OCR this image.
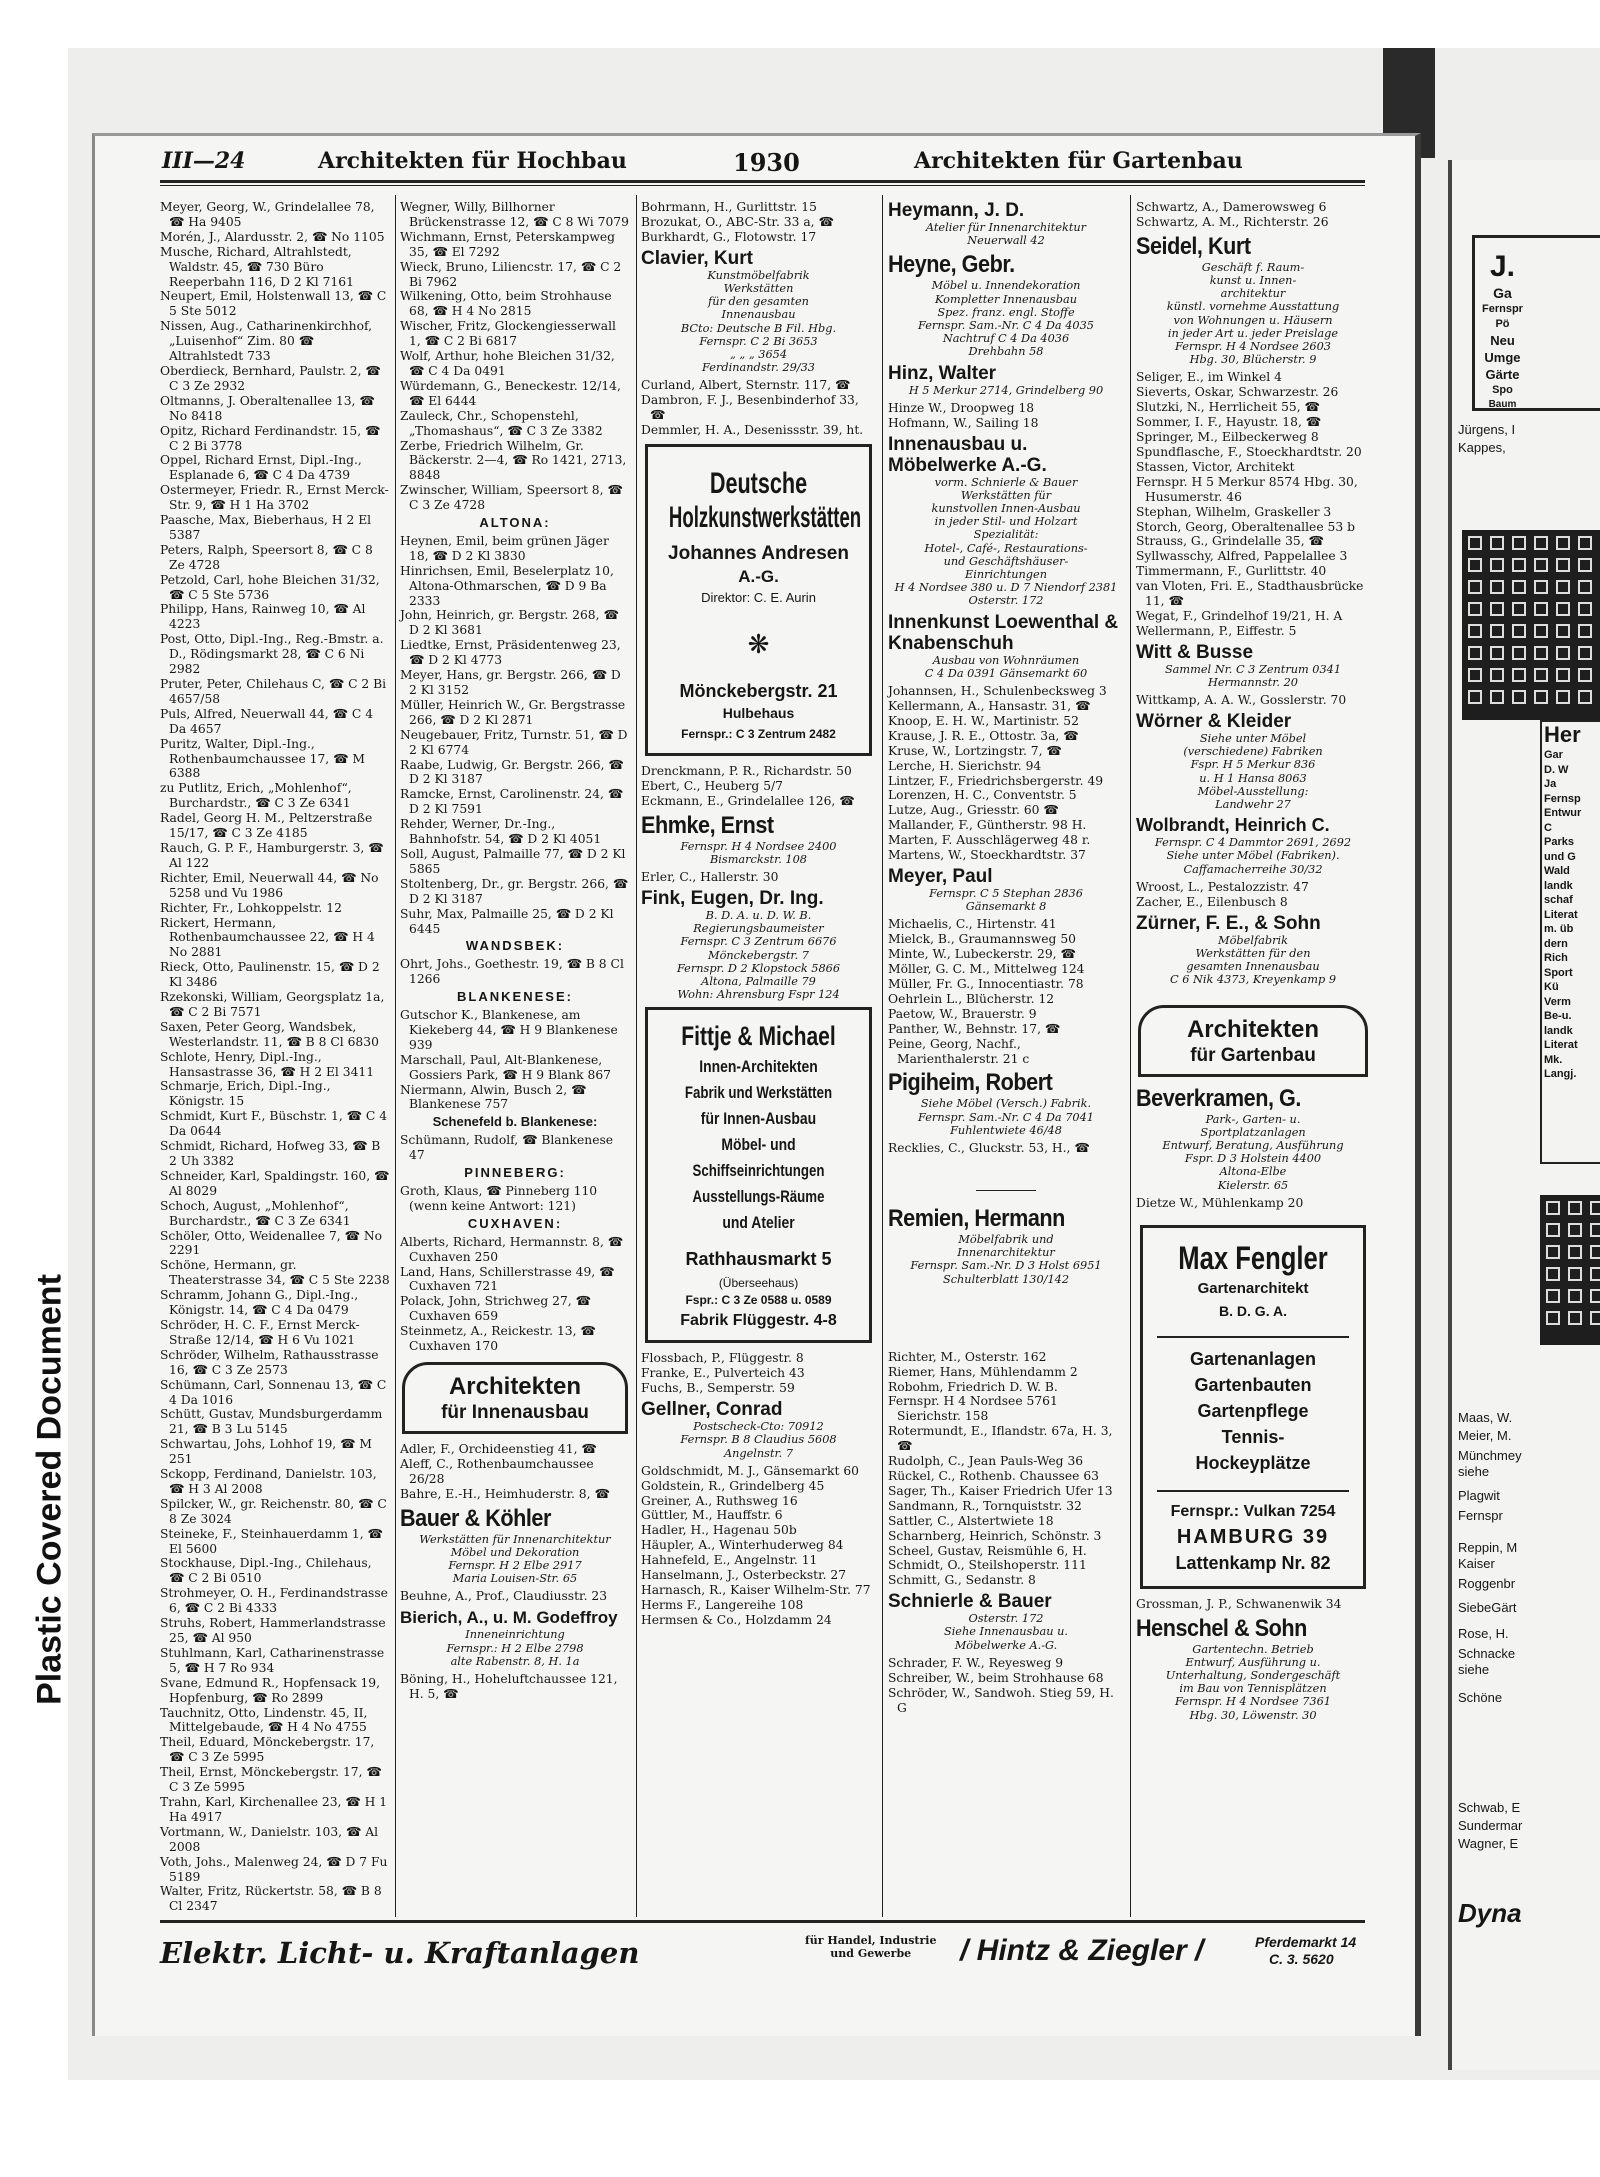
Plastic Covered Document
III—24	Architekten für Hochbau	1930	Architekten für Gartenbau

Meyer, Georg, W., Grindelallee 78, ☎ Ha 9405

Morén, J., Alardusstr. 2, ☎ No 1105

Musche, Richard, Altrahlstedt, Waldstr. 45, ☎ 730 Büro Reeperbahn 116, D 2 Kl 7161

Neupert, Emil, Holstenwall 13, ☎ C 5 Ste 5012

Nissen, Aug., Catharinenkirchhof, „Luisenhof“ Zim. 80 ☎ Altrahlstedt 733

Oberdieck, Bernhard, Paulstr. 2, ☎ C 3 Ze 2932

Oltmanns, J. Oberaltenallee 13, ☎ No 8418

Opitz, Richard Ferdinandstr. 15, ☎ C 2 Bi 3778

Oppel, Richard Ernst, Dipl.-Ing., Esplanade 6, ☎ C 4 Da 4739

Ostermeyer, Friedr. R., Ernst Merck-Str. 9, ☎ H 1 Ha 3702

Paasche, Max, Bieberhaus, H 2 El 5387

Peters, Ralph, Speersort 8, ☎ C 8 Ze 4728

Petzold, Carl, hohe Bleichen 31/32, ☎ C 5 Ste 5736

Philipp, Hans, Rainweg 10, ☎ Al 4223

Post, Otto, Dipl.-Ing., Reg.-Bmstr. a. D., Rödingsmarkt 28, ☎ C 6 Ni 2982

Pruter, Peter, Chilehaus C, ☎ C 2 Bi 4657/58

Puls, Alfred, Neuerwall 44, ☎ C 4 Da 4657

Puritz, Walter, Dipl.-Ing., Rothenbaumchaussee 17, ☎ M 6388

zu Putlitz, Erich, „Mohlenhof“, Burchardstr., ☎ C 3 Ze 6341

Radel, Georg H. M., Peltzerstraße 15/17, ☎ C 3 Ze 4185

Rauch, G. P. F., Hamburgerstr. 3, ☎ Al 122

Richter, Emil, Neuerwall 44, ☎ No 5258 und Vu 1986

Richter, Fr., Lohkoppelstr. 12

Rickert, Hermann, Rothenbaumchaussee 22, ☎ H 4 No 2881

Rieck, Otto, Paulinenstr. 15, ☎ D 2 Kl 3486

Rzekonski, William, Georgsplatz 1a, ☎ C 2 Bi 7571

Saxen, Peter Georg, Wandsbek, Westerlandstr. 11, ☎ B 8 Cl 6830

Schlote, Henry, Dipl.-Ing., Hansastrasse 36, ☎ H 2 El 3411

Schmarje, Erich, Dipl.-Ing., Königstr. 15

Schmidt, Kurt F., Büschstr. 1, ☎ C 4 Da 0644

Schmidt, Richard, Hofweg 33, ☎ B 2 Uh 3382

Schneider, Karl, Spaldingstr. 160, ☎ Al 8029

Schoch, August, „Mohlenhof“, Burchardstr., ☎ C 3 Ze 6341

Schöler, Otto, Weidenallee 7, ☎ No 2291

Schöne, Hermann, gr. Theaterstrasse 34, ☎ C 5 Ste 2238

Schramm, Johann G., Dipl.-Ing., Königstr. 14, ☎ C 4 Da 0479

Schröder, H. C. F., Ernst Merck-Straße 12/14, ☎ H 6 Vu 1021

Schröder, Wilhelm, Rathausstrasse 16, ☎ C 3 Ze 2573

Schümann, Carl, Sonnenau 13, ☎ C 4 Da 1016

Schütt, Gustav, Mundsburgerdamm 21, ☎ B 3 Lu 5145

Schwartau, Johs, Lohhof 19, ☎ M 251

Sckopp, Ferdinand, Danielstr. 103, ☎ H 3 Al 2008

Spilcker, W., gr. Reichenstr. 80, ☎ C 8 Ze 3024

Steineke, F., Steinhauerdamm 1, ☎ El 5600

Stockhause, Dipl.-Ing., Chilehaus, ☎ C 2 Bi 0510

Strohmeyer, O. H., Ferdinandstrasse 6, ☎ C 2 Bi 4333

Struhs, Robert, Hammerlandstrasse 25, ☎ Al 950

Stuhlmann, Karl, Catharinenstrasse 5, ☎ H 7 Ro 934

Svane, Edmund R., Hopfensack 19, Hopfenburg, ☎ Ro 2899

Tauchnitz, Otto, Lindenstr. 45, II, Mittelgebaude, ☎ H 4 No 4755

Theil, Eduard, Mönckebergstr. 17, ☎ C 3 Ze 5995

Theil, Ernst, Mönckebergstr. 17, ☎ C 3 Ze 5995

Trahn, Karl, Kirchenallee 23, ☎ H 1 Ha 4917

Vortmann, W., Danielstr. 103, ☎ Al 2008

Voth, Johs., Malenweg 24, ☎ D 7 Fu 5189

Walter, Fritz, Rückertstr. 58, ☎ B 8 Cl 2347

Wegner, Willy, Billhorner Brückenstrasse 12, ☎ C 8 Wi 7079

Wichmann, Ernst, Peterskampweg 35, ☎ El 7292

Wieck, Bruno, Liliencstr. 17, ☎ C 2 Bi 7962

Wilkening, Otto, beim Strohhause 68, ☎ H 4 No 2815

Wischer, Fritz, Glockengiesserwall 1, ☎ C 2 Bi 6817

Wolf, Arthur, hohe Bleichen 31/32, ☎ C 4 Da 0491

Würdemann, G., Beneckestr. 12/14, ☎ El 6444

Zauleck, Chr., Schopenstehl, „Thomashaus“, ☎ C 3 Ze 3382

Zerbe, Friedrich Wilhelm, Gr. Bäckerstr. 2—4, ☎ Ro 1421, 2713, 8848

Zwinscher, William, Speersort 8, ☎ C 3 Ze 4728

ALTONA:

Heynen, Emil, beim grünen Jäger 18, ☎ D 2 Kl 3830

Hinrichsen, Emil, Beselerplatz 10, Altona-Othmarschen, ☎ D 9 Ba 2333

John, Heinrich, gr. Bergstr. 268, ☎ D 2 Kl 3681

Liedtke, Ernst, Präsidentenweg 23, ☎ D 2 Kl 4773

Meyer, Hans, gr. Bergstr. 266, ☎ D 2 Kl 3152

Müller, Heinrich W., Gr. Bergstrasse 266, ☎ D 2 Kl 2871

Neugebauer, Fritz, Turnstr. 51, ☎ D 2 Kl 6774

Raabe, Ludwig, Gr. Bergstr. 266, ☎ D 2 Kl 3187

Ramcke, Ernst, Carolinenstr. 24, ☎ D 2 Kl 7591

Rehder, Werner, Dr.-Ing., Bahnhofstr. 54, ☎ D 2 Kl 4051

Soll, August, Palmaille 77, ☎ D 2 Kl 5865

Stoltenberg, Dr., gr. Bergstr. 266, ☎ D 2 Kl 3187

Suhr, Max, Palmaille 25, ☎ D 2 Kl 6445

WANDSBEK:

Ohrt, Johs., Goethestr. 19, ☎ B 8 Cl 1266

BLANKENESE:

Gutschor K., Blankenese, am Kiekeberg 44, ☎ H 9 Blankenese 939

Marschall, Paul, Alt-Blankenese, Gossiers Park, ☎ H 9 Blank 867

Niermann, Alwin, Busch 2, ☎ Blankenese 757

Schenefeld b. Blankenese:

Schümann, Rudolf, ☎ Blankenese 47

PINNEBERG:

Groth, Klaus, ☎ Pinneberg 110 (wenn keine Antwort: 121)

CUXHAVEN:

Alberts, Richard, Hermannstr. 8, ☎ Cuxhaven 250

Land, Hans, Schillerstrasse 49, ☎ Cuxhaven 721

Polack, John, Strichweg 27, ☎ Cuxhaven 659

Steinmetz, A., Reickestr. 13, ☎ Cuxhaven 170

Architekten
für Innenausbau

Adler, F., Orchideenstieg 41, ☎

Aleff, C., Rothenbaumchaussee 26/28

Bahre, E.-H., Heimhuderstr. 8, ☎

Bauer & Köhler

Werkstätten für Innenarchitektur

Möbel und Dekoration

Fernspr. H 2 Elbe 2917

Maria Louisen-Str. 65

Beuhne, A., Prof., Claudiusstr. 23

Bierich, A., u. M. Godeffroy

Inneneinrichtung

Fernspr.: H 2 Elbe 2798

alte Rabenstr. 8, H. 1a

Böning, H., Hoheluftchaussee 121, H. 5, ☎

Bohrmann, H., Gurlittstr. 15

Brozukat, O., ABC-Str. 33 a, ☎

Burkhardt, G., Flotowstr. 17

Clavier, Kurt

Kunstmöbelfabrik

Werkstätten

für den gesamten

Innenausbau

BCto: Deutsche B Fil. Hbg.

Fernspr. C 2 Bi 3653

„ „ „ 3654

Ferdinandstr. 29/33

Curland, Albert, Sternstr. 117, ☎

Dambron, F. J., Besenbinderhof 33, ☎

Demmler, H. A., Desenissstr. 39, ht.

Deutsche
Holzkunstwerkstätten
Johannes Andresen
A.-G.
Direktor: C. E. Aurin
❋
Mönckebergstr. 21
Hulbehaus
Fernspr.: C 3 Zentrum 2482

Drenckmann, P. R., Richardstr. 50

Ebert, C., Heuberg 5/7

Eckmann, E., Grindelallee 126, ☎

Ehmke, Ernst

Fernspr. H 4 Nordsee 2400

Bismarckstr. 108

Erler, C., Hallerstr. 30

Fink, Eugen, Dr. Ing.

B. D. A. u. D. W. B.

Regierungsbaumeister

Fernspr. C 3 Zentrum 6676

Mönckebergstr. 7

Fernspr. D 2 Klopstock 5866

Altona, Palmaille 79

Wohn: Ahrensburg Fspr 124

Fittje & Michael
Innen-Architekten
Fabrik und Werkstätten
für Innen-Ausbau
Möbel- und
Schiffseinrichtungen
Ausstellungs-Räume
und Atelier
Rathhausmarkt 5
(Überseehaus)
Fspr.: C 3 Ze 0588 u. 0589
Fabrik Flüggestr. 4-8

Flossbach, P., Flüggestr. 8

Franke, E., Pulverteich 43

Fuchs, B., Semperstr. 59

Gellner, Conrad

Postscheck-Cto: 70912

Fernspr. B 8 Claudius 5608

Angelnstr. 7

Goldschmidt, M. J., Gänsemarkt 60

Goldstein, R., Grindelberg 45

Greiner, A., Ruthsweg 16

Güttler, M., Hauffstr. 6

Hadler, H., Hagenau 50b

Häupler, A., Winterhuderweg 84

Hahnefeld, E., Angelnstr. 11

Hanselmann, J., Osterbeckstr. 27

Harnasch, R., Kaiser Wilhelm-Str. 77

Herms F., Langereihe 108

Hermsen & Co., Holzdamm 24

Heymann, J. D.

Atelier für Innenarchitektur

Neuerwall 42

Heyne, Gebr.

Möbel u. Innendekoration

Kompletter Innenausbau

Spez. franz. engl. Stoffe

Fernspr. Sam.-Nr. C 4 Da 4035

Nachtruf C 4 Da 4036

Drehbahn 58

Hinz, Walter

H 5 Merkur 2714, Grindelberg 90

Hinze W., Droopweg 18

Hofmann, W., Sailing 18

Innenausbau u. Möbelwerke A.-G.

vorm. Schnierle & Bauer

Werkstätten für

kunstvollen Innen-Ausbau

in jeder Stil- und Holzart

Spezialität:

Hotel-, Café-, Restaurations-

und Geschäftshäuser-

Einrichtungen

H 4 Nordsee 380 u. D 7 Niendorf 2381

Osterstr. 172

Innenkunst Loewenthal & Knabenschuh

Ausbau von Wohnräumen

C 4 Da 0391 Gänsemarkt 60

Johannsen, H., Schulenbecksweg 3

Kellermann, A., Hansastr. 31, ☎

Knoop, E. H. W., Martinistr. 52

Krause, J. R. E., Ottostr. 3a, ☎

Kruse, W., Lortzingstr. 7, ☎

Lerche, H. Sierichstr. 94

Lintzer, F., Friedrichsbergerstr. 49

Lorenzen, H. C., Conventstr. 5

Lutze, Aug., Griesstr. 60 ☎

Mallander, F., Güntherstr. 98 H.

Marten, F. Ausschlägerweg 48 r.

Martens, W., Stoeckhardtstr. 37

Meyer, Paul

Fernspr. C 5 Stephan 2836

Gänsemarkt 8

Michaelis, C., Hirtenstr. 41

Mielck, B., Graumannsweg 50

Minte, W., Lubeckerstr. 29, ☎

Möller, G. C. M., Mittelweg 124

Müller, Fr. G., Innocentiastr. 78

Oehrlein L., Blücherstr. 12

Paetow, W., Brauerstr. 9

Panther, W., Behnstr. 17, ☎

Peine, Georg, Nachf., Marienthalerstr. 21 c

Pigiheim, Robert

Siehe Möbel (Versch.) Fabrik.

Fernspr. Sam.-Nr. C 4 Da 7041

Fuhlentwiete 46/48

Reckl​ies, C., Gluckstr. 53, H., ☎

Remien, Hermann

Möbelfabrik und

Innenarchitektur

Fernspr. Sam.-Nr. D 3 Holst 6951

Schulterblatt 130/142

Richter, M., Osterstr. 162

Riemer, Hans, Mühlendamm 2

Robohm, Friedrich D. W. B.

Fernspr. H 4 Nordsee 5761 Sierichstr. 158

Rotermundt, E., Iflandstr. 67a, H. 3, ☎

Rudolph, C., Jean Pauls-Weg 36

Rückel, C., Rothenb. Chaussee 63

Sager, Th., Kaiser Friedrich Ufer 13

Sandmann, R., Tornquiststr. 32

Sattler, C., Alstertwiete 18

Scharnberg, Heinrich, Schönstr. 3

Scheel, Gustav, Reismühle 6, H.

Schmidt, O., Steilshoperstr. 111

Schmitt, G., Sedanstr. 8

Schnierle & Bauer

Osterstr. 172

Siehe Innenausbau u.

Möbelwerke A.-G.

Schrader, F. W., Reyesweg 9

Schreiber, W., beim Strohhause 68

Schröder, W., Sandwoh. Stieg 59, H. G

Schwartz, A., Damerowsweg 6

Schwartz, A. M., Richterstr. 26

Seidel, Kurt

Geschäft f. Raum-

kunst u. Innen-

architektur

künstl. vornehme Ausstattung

von Wohnungen u. Häusern

in jeder Art u. jeder Preislage

Fernspr. H 4 Nordsee 2603

Hbg. 30, Blücherstr. 9

Seliger, E., im Winkel 4

Sieverts, Oskar, Schwarzestr. 26

Slutzki, N., Herrlicheit 55, ☎

Sommer, I. F., Hayustr. 18, ☎

Springer, M., Eilbeckerweg 8

Spundflasche, F., Stoeckhardtstr. 20

Stassen, Victor, Architekt

Fernspr. H 5 Merkur 8574 Hbg. 30, Husumerstr. 46

Stephan, Wilhelm, Graskeller 3

Storch, Georg, Oberaltenallee 53 b

Strauss, G., Grindelalle 35, ☎

Syllwasschy, Alfred, Pappelallee 3

Timmermann, F., Gurlittstr. 40

van Vloten, Fri. E., Stadthausbrücke 11, ☎

Wegat, F., Grindelhof 19/21, H. A

Wellermann, P., Eiffestr. 5

Witt & Busse

Sammel Nr. C 3 Zentrum 0341

Hermannstr. 20

Wittkamp, A. A. W., Gosslerstr. 70

Wörner & Kleider

Siehe unter Möbel

(verschiedene) Fabriken

Fspr. H 5 Merkur 836

u. H 1 Hansa 8063

Möbel-Ausstellung:

Landwehr 27

Wolbrandt, Heinrich C.

Fernspr. C 4 Dammtor 2691, 2692

Siehe unter Möbel (Fabriken).

Caffamacherreihe 30/32

Wroost, L., Pestalozzistr. 47

Zacher, E., Eilenbusch 8

Zürner, F. E., & Sohn

Möbelfabrik

Werkstätten für den

gesamten Innenausbau

C 6 Nik 4373, Kreyenkamp 9

Architekten
für Gartenbau
Beverkramen, G.

Park-, Garten- u.

Sportplatzanlagen

Entwurf, Beratung, Ausführung

Fspr. D 3 Holstein 4400

Altona-Elbe

Kielerstr. 65

Dietze W., Mühlenkamp 20

Max Fengler
Gartenarchitekt
B. D. G. A.
Gartenanlagen
Gartenbauten
Gartenpflege
Tennis-
Hockeyplätze
Fernspr.: Vulkan 7254
HAMBURG 39
Lattenkamp Nr. 82

Grossman, J. P., Schwanenwik 34

Henschel & Sohn

Gartentechn. Betrieb

Entwurf, Ausführung u.

Unterhaltung, Sondergeschäft

im Bau von Tennisplätzen

Fernspr. H 4 Nordsee 7361

Hbg. 30, Löwenstr. 30

Elektr. Licht- u. Kraftanlagen	für Handel, Industrie
und Gewerbe	/ Hintz & Ziegler /	Pferdemarkt 14
C. 3. 5620
J.
Ga
Fernspr
Pö
Neu
Umge
Gärte
Spo
Baum

Jürgens, I

Kappes,

Maas, W.

Meier, M.

Münchmey

siehe

Plagwit

Fernspr

Reppin, M

Kaiser

Roggenbr

SiebeGärt

Rose, H.

Schnacke

siehe

Schöne

Schwab, E

Sundermar

Wagner, E

Dyna

Her
Gar
D. W
Ja
Fernsp
Entwur
C
Parks
und G
Wald
landk
schaf
Literat
m. üb
dern
Rich
Sport
Kü
Verm
Be-u.
landk
Literat
Mk.
Langj.
